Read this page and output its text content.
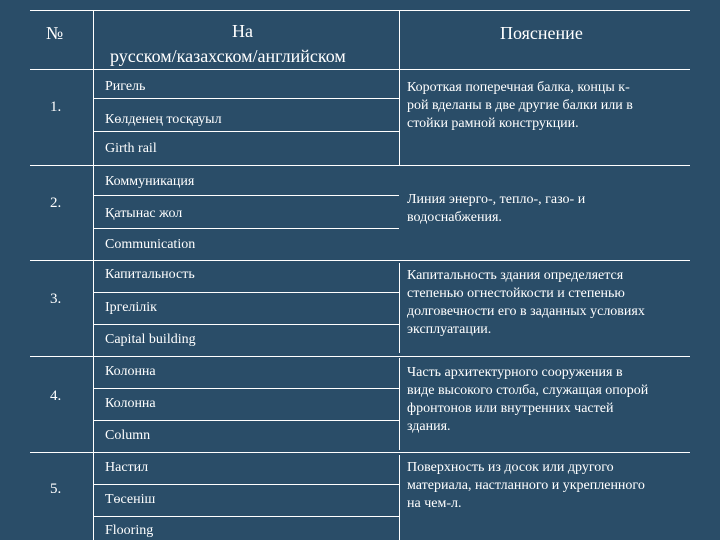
№	На
русском/казахском/английском
Пояснение
1.
Ригель
Көлденең тосқауыл
Girth rail
Короткая поперечная балка, концы к-
рой вделаны в две другие балки или в
стойки рамной конструкции.
2.
Коммуникация
Қатынас жол
Communication
Линия энерго-, тепло-, газо- и
водоснабжения.
3.
Капитальность
Іргелілік
Capital building
Капитальность здания определяется
степенью огнестойкости и степенью
долговечности его в заданных условиях
эксплуатации.
4.
Колонна
Колонна
Column
Часть архитектурного сооружения в
виде высокого столба, служащая опорой
фронтонов или внутренних частей
здания.
5.
Настил
Төсеніш
Flooring
Поверхность из досок или другого
материала, настланного и укрепленного
на чем-л.
